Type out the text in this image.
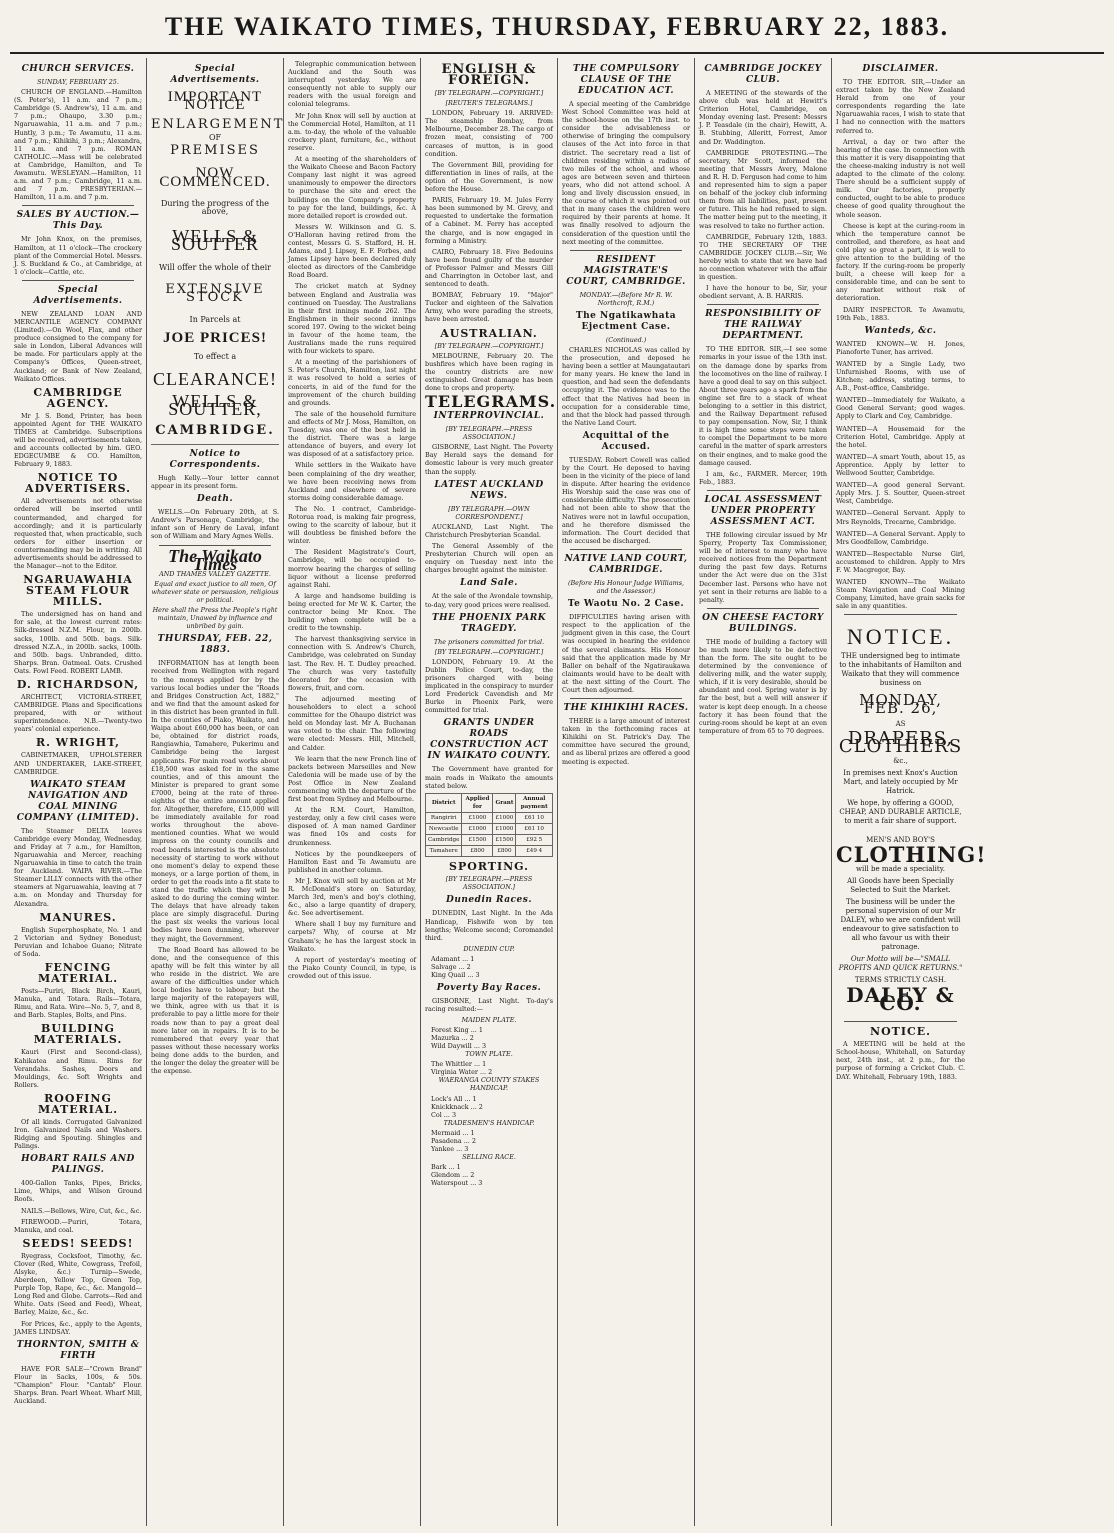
THE WAIKATO TIMES, THURSDAY, FEBRUARY 22, 1883.
CHURCH SERVICES.
SUNDAY, FEBRUARY 25.
CHURCH OF ENGLAND.—Hamilton (S. Peter's), 11 a.m. and 7 p.m.; Cambridge (S. Andrew's), 11 a.m. and 7 p.m.; Ohaupo, 3.30 p.m.; Ngaruawahia, 11 a.m. and 7 p.m.; Huntly, 3 p.m.; Te Awamutu, 11 a.m. and 7 p.m.; Kihikihi, 3 p.m.; Alexandra, 11 a.m. and 7 p.m. ROMAN CATHOLIC.—Mass will be celebrated at Cambridge, Hamilton, and Te Awamutu. WESLEYAN.—Hamilton, 11 a.m. and 7 p.m.; Cambridge, 11 a.m. and 7 p.m. PRESBYTERIAN.—Hamilton, 11 a.m. and 7 p.m.
SALES BY AUCTION.—This Day.
Mr John Knox, on the premises, Hamilton, at 11 o'clock—The crockery plant of the Commercial Hotel. Messrs. J. S. Buckland & Co., at Cambridge, at 1 o'clock—Cattle, etc.
Special Advertisements.
NEW ZEALAND LOAN AND MERCANTILE AGENCY COMPANY (Limited).—On Wool, Flax, and other produce consigned to the company for sale in London, Liberal Advances will be made. For particulars apply at the Company's Offices, Queen-street, Auckland; or Bank of New Zealand, Waikato Offices.
CAMBRIDGE AGENCY.
Mr J. S. Bond, Printer, has been appointed Agent for THE WAIKATO TIMES at Cambridge. Subscriptions will be received, advertisements taken, and accounts collected by him. GEO. EDGECUMBE & CO. Hamilton, February 9, 1883.
NOTICE TO ADVERTISERS.
All advertisements not otherwise ordered will be inserted until countermanded, and charged for accordingly; and it is particularly requested that, when practicable, such orders for either insertion or countermanding may be in writing. All advertisements should be addressed to the Manager—not to the Editor.
NGARUAWAHIA STEAM FLOUR MILLS.
The undersigned has on hand and for sale, at the lowest current rates: Silk-dressed N.Z.M. Flour, in 200lb. sacks, 100lb. and 50lb. bags. Silk-dressed N.Z.A., in 200lb. sacks, 100lb. and 50lb. bags. Unbranded, ditto. Sharps. Bran. Oatmeal. Oats. Crushed Oats. Fowl Feed. ROBERT LAMB.
D. RICHARDSON,
ARCHITECT, VICTORIA-STREET, CAMBRIDGE. Plans and Specifications prepared, with or without superintendence. N.B.—Twenty-two years' colonial experience.
R. WRIGHT,
CABINETMAKER, UPHOLSTERER AND UNDERTAKER, LAKE-STREET, CAMBRIDGE.
WAIKATO STEAM NAVIGATION AND COAL MINING COMPANY (LIMITED).
The Steamer DELTA leaves Cambridge every Monday, Wednesday, and Friday at 7 a.m., for Hamilton, Ngaruawahia and Mercer, reaching Ngaruawahia in time to catch the train for Auckland. WAIPA RIVER.—The Steamer LILLY connects with the other steamers at Ngaruawahia, leaving at 7 a.m. on Monday and Thursday for Alexandra.
MANURES.
English Superphosphate, No. 1 and 2 Victorian and Sydney Bonedust; Peruvian and Ichaboe Guano; Nitrate of Soda.
FENCING MATERIAL.
Posts—Puriri, Black Birch, Kauri, Manuka, and Totara. Rails—Totara, Rimu, and Rata. Wire—No. 5, 7, and 8, and Barb. Staples, Bolts, and Pins.
BUILDING MATERIALS.
Kauri (First and Second-class), Kahikatea and Rimu. Rims for Verandahs. Sashes, Doors and Mouldings, &c. Soft Wrights and Rollers.
ROOFING MATERIAL.
Of all kinds. Corrugated Galvanized Iron. Galvanized Nails and Washers. Ridging and Spouting. Shingles and Palings.
HOBART RAILS AND PALINGS.
400-Gallon Tanks, Pipes, Bricks, Lime, Whips, and Wilson Ground Roofs.
NAILS.—Bellows, Wire, Cut, &c., &c.
FIREWOOD.—Puriri, Totara, Manuka, and coal.
SEEDS! SEEDS!
Ryegrass, Cocksfoot, Timothy, &c. Clover (Red, White, Cowgrass, Trefoil, Alsyke, &c.) Turnip—Swede, Aberdeen, Yellow Top, Green Top, Purple Top, Rape, &c., &c. Mangold—Long Red and Globe. Carrots—Red and White. Oats (Seed and Feed), Wheat, Barley, Maize, &c., &c.
For Prices, &c., apply to the Agents, JAMES LINDSAY.
THORNTON, SMITH & FIRTH
HAVE FOR SALE—"Crown Brand" Flour in Sacks, 100s, & 50s. "Champion" Flour. "Cantab" Flour. Sharps. Bran. Pearl Wheat. Wharf Mill, Auckland.
Special Advertisements.
IMPORTANT NOTICE
ENLARGEMENT
OF
PREMISES
NOW COMMENCED.
During the progress of the above,
WELLS & SOUTTER
Will offer the whole of their
EXTENSIVE STOCK
In Parcels at
JOE PRICES!
To effect a
CLEARANCE!
WELLS & SOUTTER,
CAMBRIDGE.
Notice to Correspondents.
Hugh Kelly.—Your letter cannot appear in its present form.
Death.
WELLS.—On February 20th, at S. Andrew's Parsonage, Cambridge, the infant son of Henry de Laval, infant son of William and Mary Agnes Wells.
The Waikato Times
AND THAMES VALLEY GAZETTE.
Equal and exact justice to all men, Of whatever state or persuasion, religious or political.
Here shall the Press the People's right maintain, Unawed by influence and unbribed by gain.
THURSDAY, FEB. 22, 1883.
INFORMATION has at length been received from Wellington with regard to the moneys applied for by the various local bodies under the "Roads and Bridges Construction Act, 1882," and we find that the amount asked for in this district has been granted in full. In the counties of Piako, Waikato, and Waipa about £60,000 has been, or can be, obtained for district roads, Rangiawhia, Tamahere, Pukerimu and Cambridge being the largest applicants. For main road works about £18,500 was asked for in the same counties, and of this amount the Minister is prepared to grant some £7000, being at the rate of three-eighths of the entire amount applied for. Altogether, therefore, £15,000 will be immediately available for road works throughout the above-mentioned counties. What we would impress on the county councils and road boards interested is the absolute necessity of starting to work without one moment's delay to expend these moneys, or a large portion of them, in order to get the roads into a fit state to stand the traffic which they will be asked to do during the coming winter. The delays that have already taken place are simply disgraceful. During the past six weeks the various local bodies have been dunning, wherever they might, the Government.
The Road Board has allowed to be done, and the consequence of this apathy will be felt this winter by all who reside in the district. We are aware of the difficulties under which local bodies have to labour; but the large majority of the ratepayers will, we think, agree with us that it is preferable to pay a little more for their roads now than to pay a great deal more later on in repairs. It is to be remembered that every year that passes without these necessary works being done adds to the burden, and the longer the delay the greater will be the expense.
Telegraphic communication between Auckland and the South was interrupted yesterday. We are consequently not able to supply our readers with the usual foreign and colonial telegrams.
Mr John Knox will sell by auction at the Commercial Hotel, Hamilton, at 11 a.m. to-day, the whole of the valuable crockery plant, furniture, &c., without reserve.
At a meeting of the shareholders of the Waikato Cheese and Bacon Factory Company last night it was agreed unanimously to empower the directors to purchase the site and erect the buildings on the Company's property to pay for the land, buildings, &c. A more detailed report is crowded out.
Messrs W. Wilkinson and G. S. O'Halloran having retired from the contest, Messrs G. S. Stafford, H. H. Adams, and J. Lipsey, E. F. Forbes, and James Lipsey have been declared duly elected as directors of the Cambridge Road Board.
The cricket match at Sydney between England and Australia was continued on Tuesday. The Australians in their first innings made 262. The Englishmen in their second innings scored 197. Owing to the wicket being in favour of the home team, the Australians made the runs required with four wickets to spare.
At a meeting of the parishioners of S. Peter's Church, Hamilton, last night it was resolved to hold a series of concerts, in aid of the fund for the improvement of the church building and grounds.
The sale of the household furniture and effects of Mr J. Moss, Hamilton, on Tuesday, was one of the best held in the district. There was a large attendance of buyers, and every lot was disposed of at a satisfactory price.
While settlers in the Waikato have been complaining of the dry weather, we have been receiving news from Auckland and elsewhere of severe storms doing considerable damage.
The No. 1 contract, Cambridge-Rotorua road, is making fair progress, owing to the scarcity of labour, but it will doubtless be finished before the winter.
The Resident Magistrate's Court, Cambridge, will be occupied to-morrow hearing the charges of selling liquor without a license preferred against Rahi.
A large and handsome building is being erected for Mr W. K. Carter, the contractor being Mr Knox. The building when complete will be a credit to the township.
The harvest thanksgiving service in connection with S. Andrew's Church, Cambridge, was celebrated on Sunday last. The Rev. H. T. Dudley preached. The church was very tastefully decorated for the occasion with flowers, fruit, and corn.
The adjourned meeting of householders to elect a school committee for the Ohaupo district was held on Monday last. Mr A. Buchanan was voted to the chair. The following were elected: Messrs. Hill, Mitchell, and Calder.
We learn that the new French line of packets between Marseilles and New Caledonia will be made use of by the Post Office in New Zealand commencing with the departure of the first boat from Sydney and Melbourne.
At the R.M. Court, Hamilton, yesterday, only a few civil cases were disposed of. A man named Gardiner was fined 10s and costs for drunkenness.
Notices by the poundkeepers of Hamilton East and Te Awamutu are published in another column.
Mr J. Knox will sell by auction at Mr R. McDonald's store on Saturday, March 3rd, men's and boy's clothing, &c., also a large quantity of drapery, &c. See advertisement.
Where shall I buy my furniture and carpets? Why, of course at Mr Graham's; he has the largest stock in Waikato.
A report of yesterday's meeting of the Piako County Council, in type, is crowded out of this issue.
ENGLISH & FOREIGN.
[BY TELEGRAPH.—COPYRIGHT.]
[REUTER'S TELEGRAMS.]
LONDON, February 19. ARRIVED: The steamship Bombay, from Melbourne, December 28. The cargo of frozen meat, consisting of 700 carcases of mutton, is in good condition.
The Government Bill, providing for differentiation in lines of rails, at the option of the Government, is now before the House.
PARIS, February 19. M. Jules Ferry has been summoned by M. Grevy, and requested to undertake the formation of a Cabinet. M. Ferry has accepted the charge, and is now engaged in forming a Ministry.
CAIRO, February 18. Five Bedouins have been found guilty of the murder of Professor Palmer and Messrs Gill and Charrington in October last, and sentenced to death.
BOMBAY, February 19. "Major" Tucker and eighteen of the Salvation Army, who were parading the streets, have been arrested.
AUSTRALIAN.
[BY TELEGRAPH.—COPYRIGHT.]
MELBOURNE, February 20. The bushfires which have been raging in the country districts are now extinguished. Great damage has been done to crops and property.
TELEGRAMS.
INTERPROVINCIAL.
[BY TELEGRAPH.—PRESS ASSOCIATION.]
GISBORNE, Last Night. The Poverty Bay Herald says the demand for domestic labour is very much greater than the supply.
LATEST AUCKLAND NEWS.
[BY TELEGRAPH.—OWN CORRESPONDENT.]
AUCKLAND, Last Night. The Christchurch Presbyterian Scandal.
The General Assembly of the Presbyterian Church will open an enquiry on Tuesday next into the charges brought against the minister.
Land Sale.
At the sale of the Avondale township, to-day, very good prices were realised.
THE PHOENIX PARK TRAGEDY.
The prisoners committed for trial.
[BY TELEGRAPH.—COPYRIGHT.]
LONDON, February 19. At the Dublin Police Court, to-day, the prisoners charged with being implicated in the conspiracy to murder Lord Frederick Cavendish and Mr Burke in Phoenix Park, were committed for trial.
GRANTS UNDER ROADS CONSTRUCTION ACT IN WAIKATO COUNTY.
The Government have granted for main roads in Waikato the amounts stated below.
District	Applied for	Grant	Annual payment
Rangiriri	£1000	£1000	£61 10
Newcastle	£1000	£1000	£61 10
Cambridge	£1500	£1500	£92 5
Tamahere	£800	£800	£49 4
SPORTING.
[BY TELEGRAPH.—PRESS ASSOCIATION.]
Dunedin Races.
DUNEDIN, Last Night. In the Ada Handicap, Fishwife won by ten lengths; Welcome second; Coromandel third.
DUNEDIN CUP.
Adamant ... 1
Salvage ... 2
King Quail ... 3
Poverty Bay Races.
GISBORNE, Last Night. To-day's racing resulted:—
MAIDEN PLATE.
Forest King ... 1
Mazurka ... 2
Wild Daywill ... 3
TOWN PLATE.
The Whittler ... 1
Virginia Water ... 2
WAERANGA COUNTY STAKES HANDICAP.
Lock's All ... 1
Knickknack ... 2
Col ... 3
TRADESMEN'S HANDICAP.
Mermaid ... 1
Pasadena ... 2
Yankee ... 3
SELLING RACE.
Bark ... 1
Glendom ... 2
Waterspout ... 3
THE COMPULSORY CLAUSE OF THE EDUCATION ACT.
A special meeting of the Cambridge West School Committee was held at the school-house on the 17th inst. to consider the advisableness or otherwise of bringing the compulsory clauses of the Act into force in that district. The secretary read a list of children residing within a radius of two miles of the school, and whose ages are between seven and thirteen years, who did not attend school. A long and lively discussion ensued, in the course of which it was pointed out that in many cases the children were required by their parents at home. It was finally resolved to adjourn the consideration of the question until the next meeting of the committee.
RESIDENT MAGISTRATE'S COURT, CAMBRIDGE.
MONDAY.—(Before Mr R. W. Northcroft, R.M.)
The Ngatikawhata Ejectment Case.
(Continued.)
CHARLES NICHOLAS was called by the prosecution, and deposed he having been a settler at Maungatautari for many years. He knew the land in question, and had seen the defendants occupying it. The evidence was to the effect that the Natives had been in occupation for a considerable time, and that the block had passed through the Native Land Court.
Acquittal of the Accused.
TUESDAY. Robert Cowell was called by the Court. He deposed to having been in the vicinity of the piece of land in dispute. After hearing the evidence His Worship said the case was one of considerable difficulty. The prosecution had not been able to show that the Natives were not in lawful occupation, and he therefore dismissed the information. The Court decided that the accused be discharged.
NATIVE LAND COURT, CAMBRIDGE.
(Before His Honour Judge Williams, and the Assessor.)
Te Waotu No. 2 Case.
DIFFICULTIES having arisen with respect to the application of the judgment given in this case, the Court was occupied in hearing the evidence of the several claimants. His Honour said that the application made by Mr Baller on behalf of the Ngatiraukawa claimants would have to be dealt with at the next sitting of the Court. The Court then adjourned.
THE KIHIKIHI RACES.
THERE is a large amount of interest taken in the forthcoming races at Kihikihi on St. Patrick's Day. The committee have secured the ground, and as liberal prizes are offered a good meeting is expected.
CAMBRIDGE JOCKEY CLUB.
A MEETING of the stewards of the above club was held at Hewitt's Criterion Hotel, Cambridge, on Monday evening last. Present: Messrs J. P. Teasdale (in the chair), Hewitt, A. B. Stubbing, Alleritt, Forrest, Amor and Dr. Waddington.
CAMBRIDGE PROTESTING.—The secretary, Mr Scott, informed the meeting that Messrs Avery, Malone and R. H. D. Ferguson had come to him and represented him to sign a paper on behalf of the jockey club informing them from all liabilities, past, present or future. This he had refused to sign. The matter being put to the meeting, it was resolved to take no further action.
CAMBRIDGE, February 12th, 1883. TO THE SECRETARY OF THE CAMBRIDGE JOCKEY CLUB.—Sir, We hereby wish to state that we have had no connection whatever with the affair in question.
I have the honour to be, Sir, your obedient servant, A. B. HARRIS.
RESPONSIBILITY OF THE RAILWAY DEPARTMENT.
TO THE EDITOR. SIR,—I see some remarks in your issue of the 13th inst. on the damage done by sparks from the locomotives on the line of railway. I have a good deal to say on this subject. About three years ago a spark from the engine set fire to a stack of wheat belonging to a settler in this district, and the Railway Department refused to pay compensation. Now, Sir, I think it is high time some steps were taken to compel the Department to be more careful in the matter of spark arresters on their engines, and to make good the damage caused.
I am, &c., FARMER. Mercer, 19th Feb., 1883.
LOCAL ASSESSMENT UNDER PROPERTY ASSESSMENT ACT.
THE following circular issued by Mr Sperry, Property Tax Commissioner, will be of interest to many who have received notices from the Department during the past few days. Returns under the Act were due on the 31st December last. Persons who have not yet sent in their returns are liable to a penalty.
ON CHEESE FACTORY BUILDINGS.
THE mode of building a factory will be much more likely to be defective than the form. The site ought to be determined by the convenience of delivering milk, and the water supply, which, if it is very desirable, should be abundant and cool. Spring water is by far the best, but a well will answer if water is kept deep enough. In a cheese factory it has been found that the curing-room should be kept at an even temperature of from 65 to 70 degrees.
DISCLAIMER.
TO THE EDITOR. SIR,—Under an extract taken by the New Zealand Herald from one of your correspondents regarding the late Ngaruawahia races, I wish to state that I had no connection with the matters referred to.
Arrival, a day or two after the hearing of the case. In connection with this matter it is very disappointing that the cheese-making industry is not well adapted to the climate of the colony. There should be a sufficient supply of milk. Our factories, properly conducted, ought to be able to produce cheese of good quality throughout the whole season.
Cheese is kept at the curing-room in which the temperature cannot be controlled, and therefore, as heat and cold play so great a part, it is well to give attention to the building of the factory. If the curing-room be properly built, a cheese will keep for a considerable time, and can be sent to any market without risk of deterioration.
DAIRY INSPECTOR. Te Awamutu, 19th Feb., 1883.
Wanteds, &c.
WANTED KNOWN—W. H. Jones, Pianoforte Tuner, has arrived.
WANTED by a Single Lady, two Unfurnished Rooms, with use of Kitchen; address, stating terms, to A.B., Post-office, Cambridge.
WANTED—Immediately for Waikato, a Good General Servant; good wages. Apply to Clark and Coy, Cambridge.
WANTED—A Housemaid for the Criterion Hotel, Cambridge. Apply at the hotel.
WANTED—A smart Youth, about 15, as Apprentice. Apply by letter to Wellwood Soutter, Cambridge.
WANTED—A good general Servant. Apply Mrs. J. S. Soutter, Queen-street West, Cambridge.
WANTED—General Servant. Apply to Mrs Reynolds, Trecarne, Cambridge.
WANTED—A General Servant. Apply to Mrs Goodfellow, Cambridge.
WANTED—Respectable Nurse Girl, accustomed to children. Apply to Mrs F. W. Macgregor, Bay.
WANTED KNOWN—The Waikato Steam Navigation and Coal Mining Company, Limited, have grain sacks for sale in any quantities.
NOTICE.
THE undersigned beg to intimate to the inhabitants of Hamilton and Waikato that they will commence business on
MONDAY, FEB. 26,
AS
DRAPERS, CLOTHIERS
&c.,
In premises next Knox's Auction Mart, and lately occupied by Mr Hatrick.
We hope, by offering a GOOD, CHEAP, AND DURABLE ARTICLE, to merit a fair share of support.
MEN'S AND BOY'S
CLOTHING!
will be made a speciality.
All Goods have been Specially Selected to Suit the Market.
The business will be under the personal supervision of our Mr DALEY, who we are confident will endeavour to give satisfaction to all who favour us with their patronage.
Our Motto will be—"SMALL PROFITS AND QUICK RETURNS."
TERMS STRICTLY CASH.
DALEY & CO.
NOTICE.
A MEETING will be held at the School-house, Whitehall, on Saturday next, 24th inst., at 2 p.m., for the purpose of forming a Cricket Club. C. DAY. Whitehall, February 19th, 1883.
